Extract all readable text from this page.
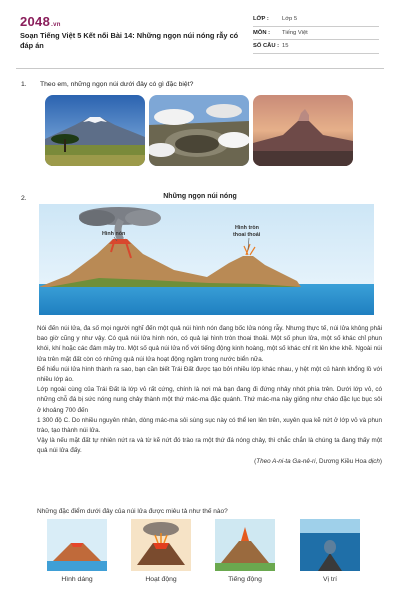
2048.vn
Soạn Tiếng Việt 5 Kết nối Bài 14: Những ngọn núi nóng rẫy có đáp án
LỚP :	Lớp 5
MÔN :	Tiếng Việt
SỐ CÂU : 15
1. Theo em, những ngọn núi dưới đây có gì đặc biệt?
2.	Những ngọn núi nóng
Hình nón
Hình tròn
thoai thoải

Nói đến núi lửa, đa số mọi người nghĩ đến một quả núi hình nón đang bốc lửa nóng rẫy. Nhưng thực tế, núi lửa không phải bao giờ cũng y như vậy. Có quả núi lửa hình nón, có quả lại hình tròn thoai thoải. Một số phun lửa, một số khác chỉ phun khói, khí hoặc các đám mây tro. Một số quả núi lửa nổ với tiếng động kinh hoàng, một số khác chỉ rít lên khe khẽ. Ngoài núi lửa trên mặt đất còn có những quả núi lửa hoạt động ngầm trong nước biển nữa.

Để hiểu núi lửa hình thành ra sao, bạn cần biết Trái Đất được tạo bởi nhiều lớp khác nhau, y hệt một củ hành khổng lồ với nhiều lớp áo.

Lớp ngoài cùng của Trái Đất là lớp vỏ rất cứng, chính là nơi mà bạn đang đi đứng nhảy nhót phía trên. Dưới lớp vỏ, có những chỗ đá bị sức nóng nung chảy thành một thứ mác-ma đặc quánh. Thứ mác-ma này giống như cháo đặc lục bục sôi ở khoảng 700 đến

1 300 độ C. Do nhiều nguyên nhân, dòng mác-ma sôi sùng sục này có thể len lên trên, xuyên qua kẽ nứt ở lớp vỏ và phun trào, tạo thành núi lửa.

Vậy là nếu mặt đất tự nhiên nứt ra và từ kẽ nứt đó trào ra một thứ đá nóng chảy, thì chắc chắn là chúng ta đang thấy một quả núi lửa đấy.

(Theo A-ni-ta Ga-nê-ri, Dương Kiều Hoa dịch)

Những đặc điểm dưới đây của núi lửa được miêu tả như thế nào?
Hình dáng	Hoạt động	Tiếng động	Vị trí
